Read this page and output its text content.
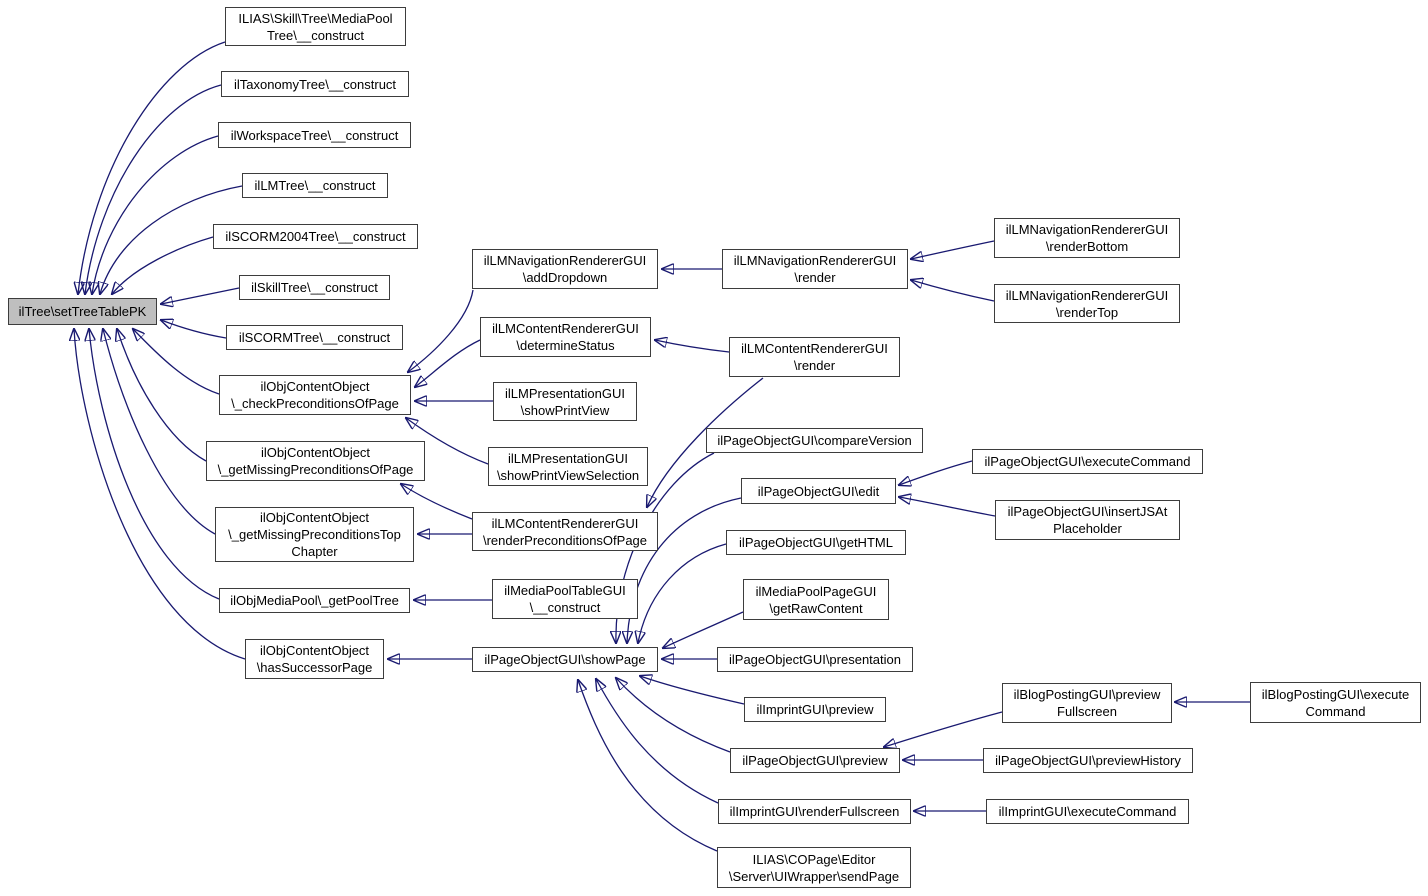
ilTree\setTreeTablePK
ILIAS\Skill\Tree\MediaPool
Tree\__construct
ilTaxonomyTree\__construct
ilWorkspaceTree\__construct
ilLMTree\__construct
ilSCORM2004Tree\__construct
ilSkillTree\__construct
ilSCORMTree\__construct
ilObjContentObject
\_checkPreconditionsOfPage
ilObjContentObject
\_getMissingPreconditionsOfPage
ilObjContentObject
\_getMissingPreconditionsTop
Chapter
ilObjMediaPool\_getPoolTree
ilObjContentObject
\hasSuccessorPage
ilLMNavigationRendererGUI
\addDropdown
ilLMContentRendererGUI
\determineStatus
ilLMPresentationGUI
\showPrintView
ilLMPresentationGUI
\showPrintViewSelection
ilLMContentRendererGUI
\renderPreconditionsOfPage
ilMediaPoolTableGUI
\__construct
ilPageObjectGUI\showPage
ilLMNavigationRendererGUI
\render
ilLMContentRendererGUI
\render
ilPageObjectGUI\compareVersion
ilPageObjectGUI\edit
ilPageObjectGUI\getHTML
ilMediaPoolPageGUI
\getRawContent
ilPageObjectGUI\presentation
ilImprintGUI\preview
ilPageObjectGUI\preview
ilImprintGUI\renderFullscreen
ILIAS\COPage\Editor
\Server\UIWrapper\sendPage
ilLMNavigationRendererGUI
\renderBottom
ilLMNavigationRendererGUI
\renderTop
ilPageObjectGUI\executeCommand
ilPageObjectGUI\insertJSAt
Placeholder
ilBlogPostingGUI\preview
Fullscreen
ilPageObjectGUI\previewHistory
ilImprintGUI\executeCommand
ilBlogPostingGUI\execute
Command
